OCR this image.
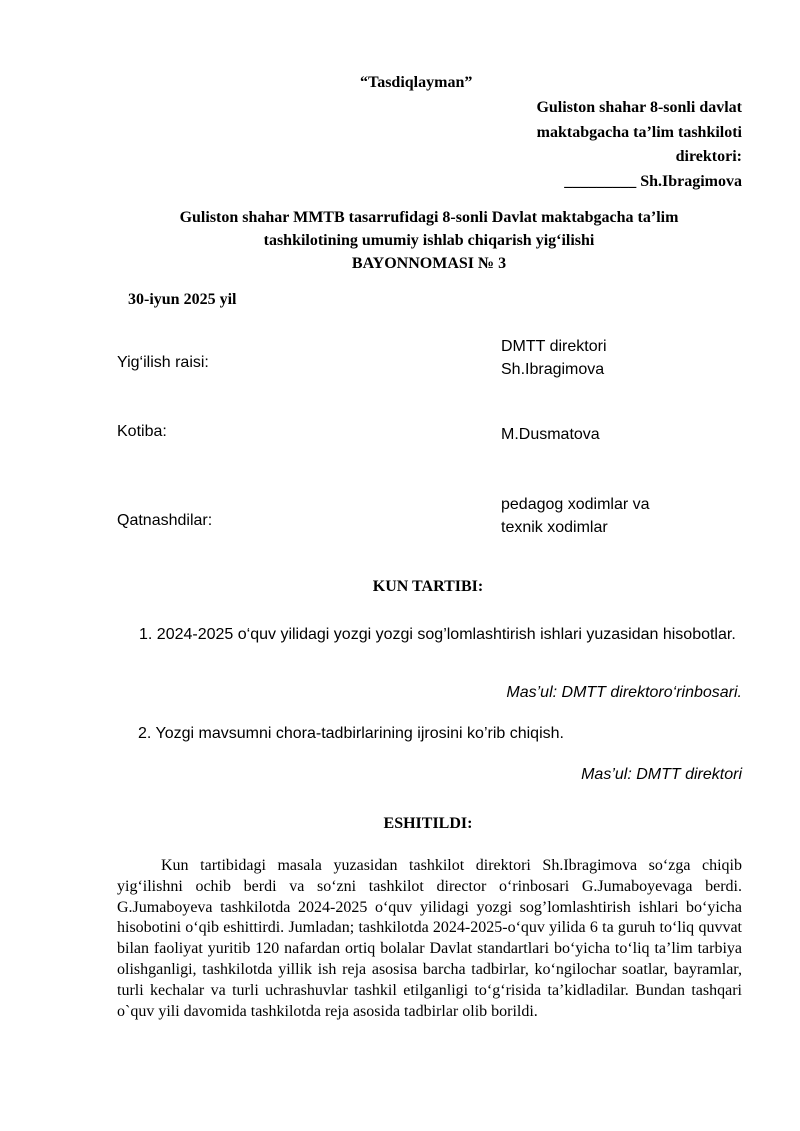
“Tasdiqlayman”
Guliston shahar 8-sonli davlat
maktabgacha ta’lim tashkiloti
direktori:
_________ Sh.Ibragimova
Guliston shahar MMTB tasarrufidagi 8-sonli Davlat maktabgacha ta’lim
tashkilotining umumiy ishlab chiqarish yig‘ilishi
BAYONNOMASI № 3
30-iyun 2025 yil
Yig‘ilish raisi:
DMTT direktori
Sh.Ibragimova
Kotiba:	M.Dusmatova
Qatnashdilar:
pedagog xodimlar va
texnik xodimlar
KUN TARTIBI:
1. 2024-2025 o‘quv yilidagi yozgi yozgi sog’lomlashtirish ishlari yuzasidan hisobotlar.
Mas’ul: DMTT direktoro‘rinbosari.
2. Yozgi mavsumni chora-tadbirlarining ijrosini ko’rib chiqish.
Mas’ul: DMTT direktori
ESHITILDI:
Kun tartibidagi masala yuzasidan tashkilot direktori Sh.Ibragimova so‘zga chiqib yig‘ilishni ochib berdi va so‘zni tashkilot director o‘rinbosari G.Jumaboyevaga berdi. G.Jumaboyeva tashkilotda 2024-2025 o‘quv yilidagi yozgi sog’lomlashtirish ishlari bo‘yicha hisobotini o‘qib eshittirdi. Jumladan; tashkilotda 2024-2025-o‘quv yilida 6 ta guruh to‘liq quvvat bilan faoliyat yuritib 120 nafardan ortiq bolalar Davlat standartlari bo‘yicha to‘liq ta’lim tarbiya olishganligi, tashkilotda yillik ish reja asosisa barcha tadbirlar, ko‘ngilochar soatlar, bayramlar, turli kechalar va turli uchrashuvlar tashkil etilganligi to‘g‘risida ta’kidladilar. Bundan tashqari o`quv yili davomida tashkilotda reja asosida tadbirlar olib borildi.
